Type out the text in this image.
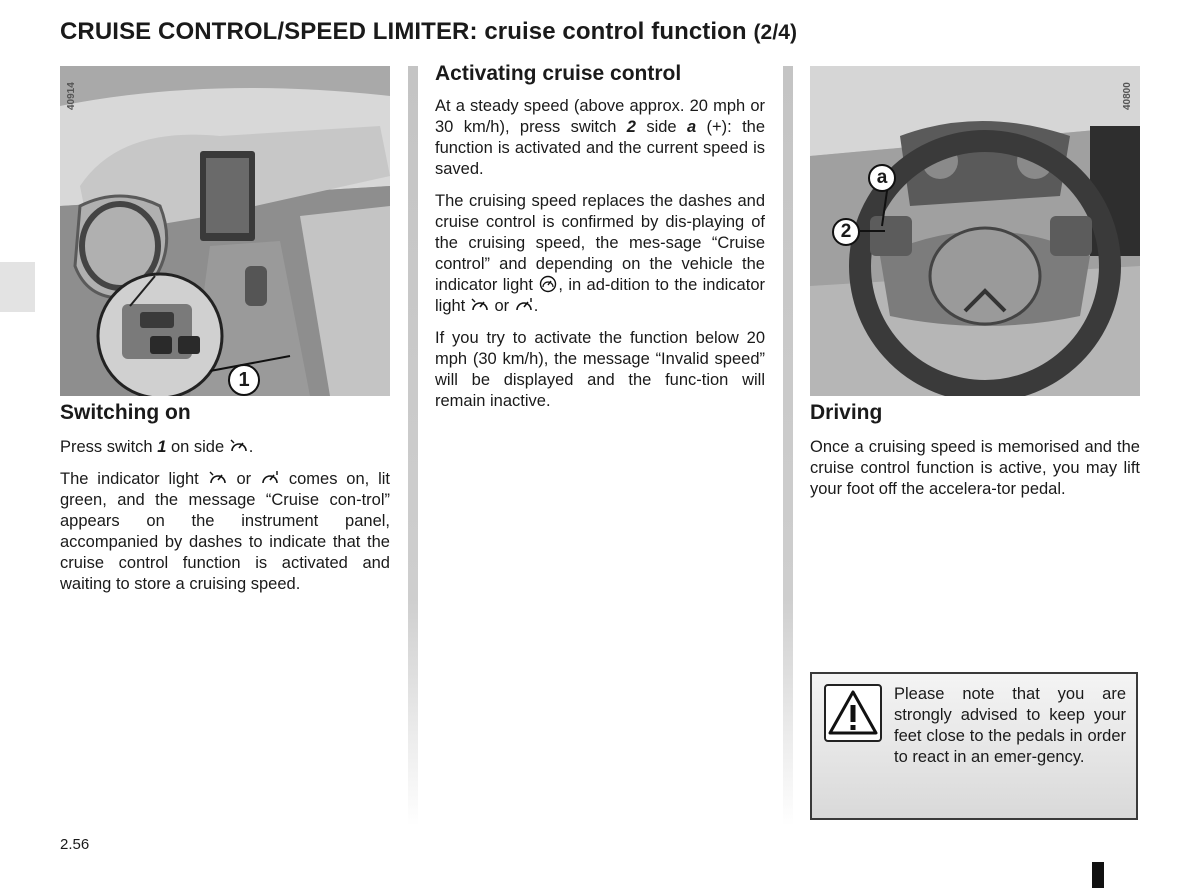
CRUISE CONTROL/SPEED LIMITER: cruise control function (2/4)
40914
1
40800
a
2
Switching on

Press switch 1 on side .

The indicator light  or  comes on, lit green, and the message “Cruise con-trol” appears on the instrument panel, accompanied by dashes to indicate that the cruise control function is activated and waiting to store a cruising speed.

Activating cruise control

At a steady speed (above approx. 20 mph or 30 km/h), press switch 2 side a (+): the function is activated and the current speed is saved.

The cruising speed replaces the dashes and cruise control is confirmed by dis-playing of the cruising speed, the mes-sage “Cruise control” and depending on the vehicle the indicator light , in ad-dition to the indicator light  or .

If you try to activate the function below 20 mph (30 km/h), the message “Invalid speed” will be displayed and the func-tion will remain inactive.	Driving

Once a cruising speed is memorised and the cruise control function is active, you may lift your foot off the accelera-tor pedal.

Please note that you are strongly advised to keep your feet close to the pedals in order to react in an emer-gency.
2.56
